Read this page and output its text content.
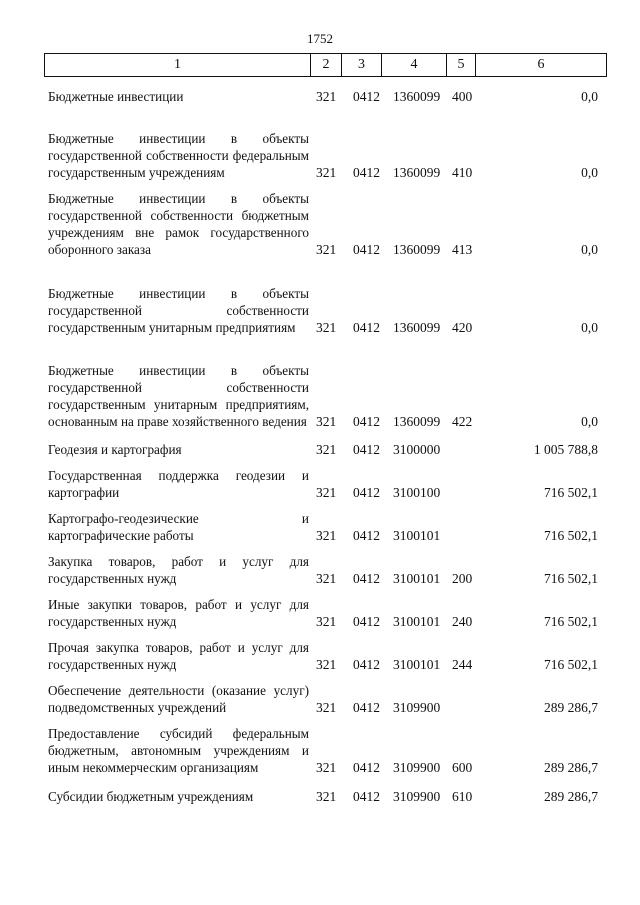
1752
1	2	3	4	5	6
Бюджетные инвестиции	321 0412 1360099 400	0,0
Бюджетные инвестиции в объекты государственной собственности федеральным государственным учреждениям	321 0412 1360099 410	0,0
Бюджетные инвестиции в объекты государственной собственности бюджетным учреждениям вне рамок государственного оборонного заказа	321 0412 1360099 413	0,0
Бюджетные инвестиции в объекты государственной собственности государственным унитарным предприятиям	321 0412 1360099 420	0,0
Бюджетные инвестиции в объекты государственной собственности государственным унитарным предприятиям, основанным на праве хозяйственного ведения 321 0412 1360099 422	0,0
Геодезия и картография	321 0412 3100000	1 005 788,8
Государственная поддержка геодезии и картографии	321 0412 3100100	716 502,1
Картографо-геодезические и картографические работы	321 0412 3100101	716 502,1
Закупка товаров, работ и услуг для государственных нужд	321 0412 3100101 200	716 502,1
Иные закупки товаров, работ и услуг для государственных нужд	321 0412 3100101 240	716 502,1
Прочая закупка товаров, работ и услуг для государственных нужд	321 0412 3100101 244	716 502,1
Обеспечение деятельности (оказание услуг) подведомственных учреждений	321 0412 3109900	289 286,7
Предоставление субсидий федеральным бюджетным, автономным учреждениям и иным некоммерческим организациям	321 0412 3109900 600	289 286,7
Субсидии бюджетным учреждениям	321 0412 3109900 610	289 286,7
